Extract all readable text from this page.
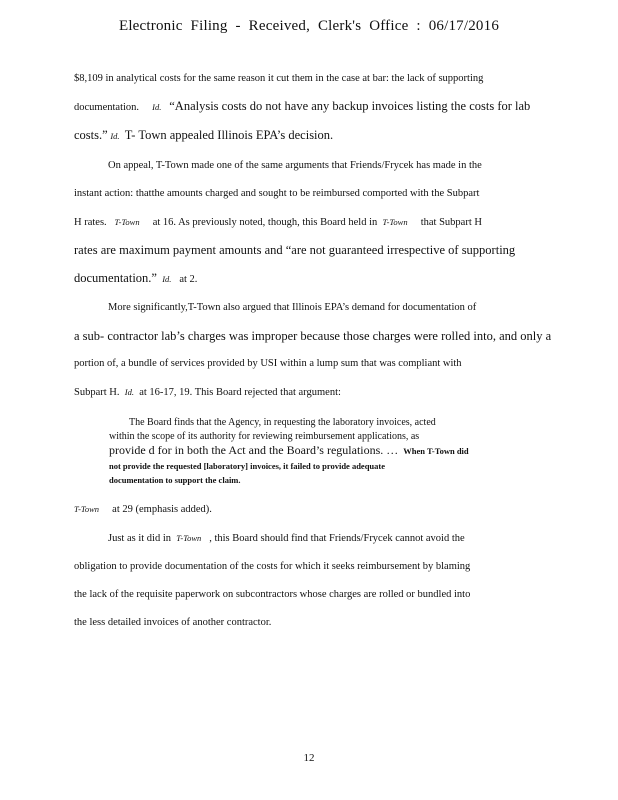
Electronic Filing - Received, Clerk's Office : 06/17/2016
$8,109 in analytical costs for the same reason it cut them in the case at bar: the lack of supporting
documentation. Id. “Analysis costs do not have any backup invoices listing the costs for lab
costs.” Id. T- Town appealed Illinois EPA’s decision.
On appeal, T-Town made one of the same arguments that Friends/Frycek has made in the
instant action: thatthe amounts charged and sought to be reimbursed comported with the Subpart
H rates. T-Town at 16. As previously noted, though, this Board held in T-Town that Subpart H
rates are maximum payment amounts and “are not guaranteed irrespective of supporting
documentation.” Id. at 2.
More significantly,T-Town also argued that Illinois EPA’s demand for documentation of
a sub- contractor lab’s charges was improper because those charges were rolled into, and only a
portion of, a bundle of services provided by USI within a lump sum that was compliant with
Subpart H. Id. at 16-17, 19. This Board rejected that argument:
The Board finds that the Agency, in requesting the laboratory invoices, acted
within the scope of its authority for reviewing reimbursement applications, as
provide d for in both the Act and the Board’s regulations. … When T-Town did
not provide the requested [laboratory] invoices, it failed to provide adequate
documentation to support the claim.
T-Town at 29 (emphasis added).
Just as it did in T-Town , this Board should find that Friends/Frycek cannot avoid the
obligation to provide documentation of the costs for which it seeks reimbursement by blaming
the lack of the requisite paperwork on subcontractors whose charges are rolled or bundled into
the less detailed invoices of another contractor.
12
